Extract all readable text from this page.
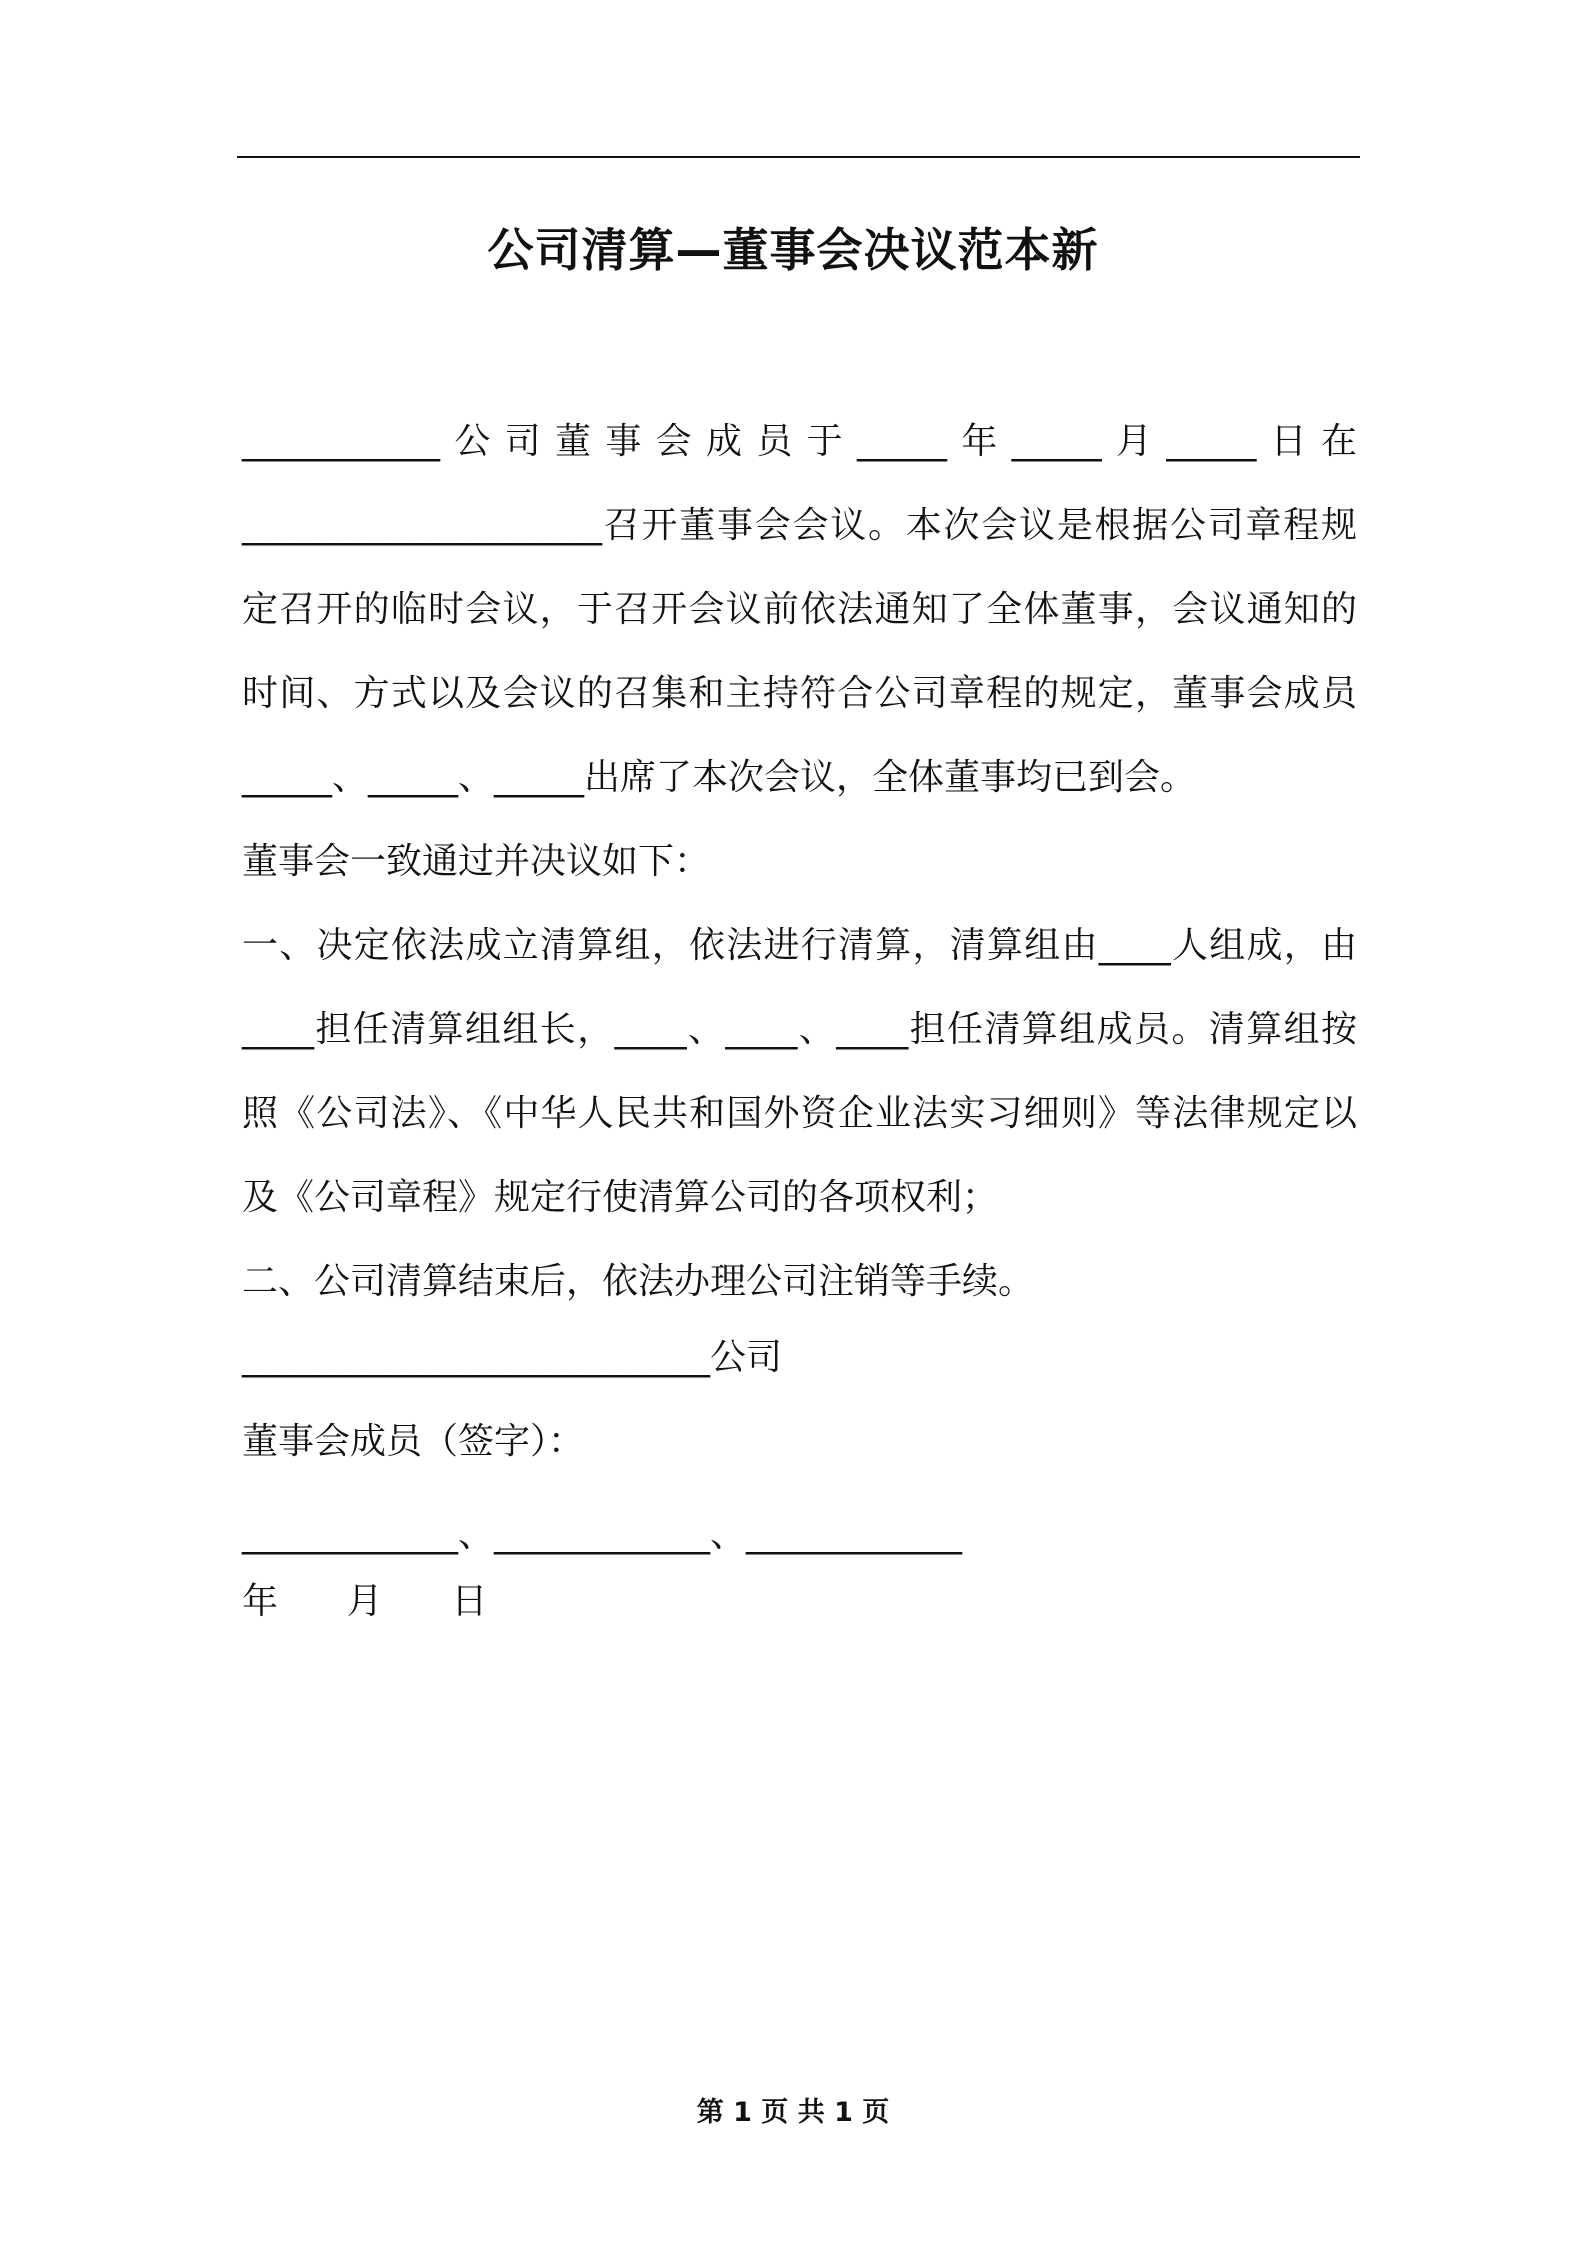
公司清算—董事会决议范本新
___________公司董事会成员于_____年_____月_____日在____________________召开董事会会议。本次会议是根据公司章程规定召开的临时会议，于召开会议前依法通知了全体董事，会议通知的时间、方式以及会议的召集和主持符合公司章程的规定，董事会成员_____、_____、_____出席了本次会议，全体董事均已到会。
董事会一致通过并决议如下：
一、决定依法成立清算组，依法进行清算，清算组由____人组成，由____担任清算组组长，____、____、____担任清算组成员。清算组按照《公司法》、《中华人民共和国外资企业法实习细则》等法律规定以及《公司章程》规定行使清算公司的各项权利；
二、公司清算结束后，依法办理公司注销等手续。
__________________________公司
董事会成员（签字）：
____________、____________、____________
年      月      日
第 1 页 共 1 页
